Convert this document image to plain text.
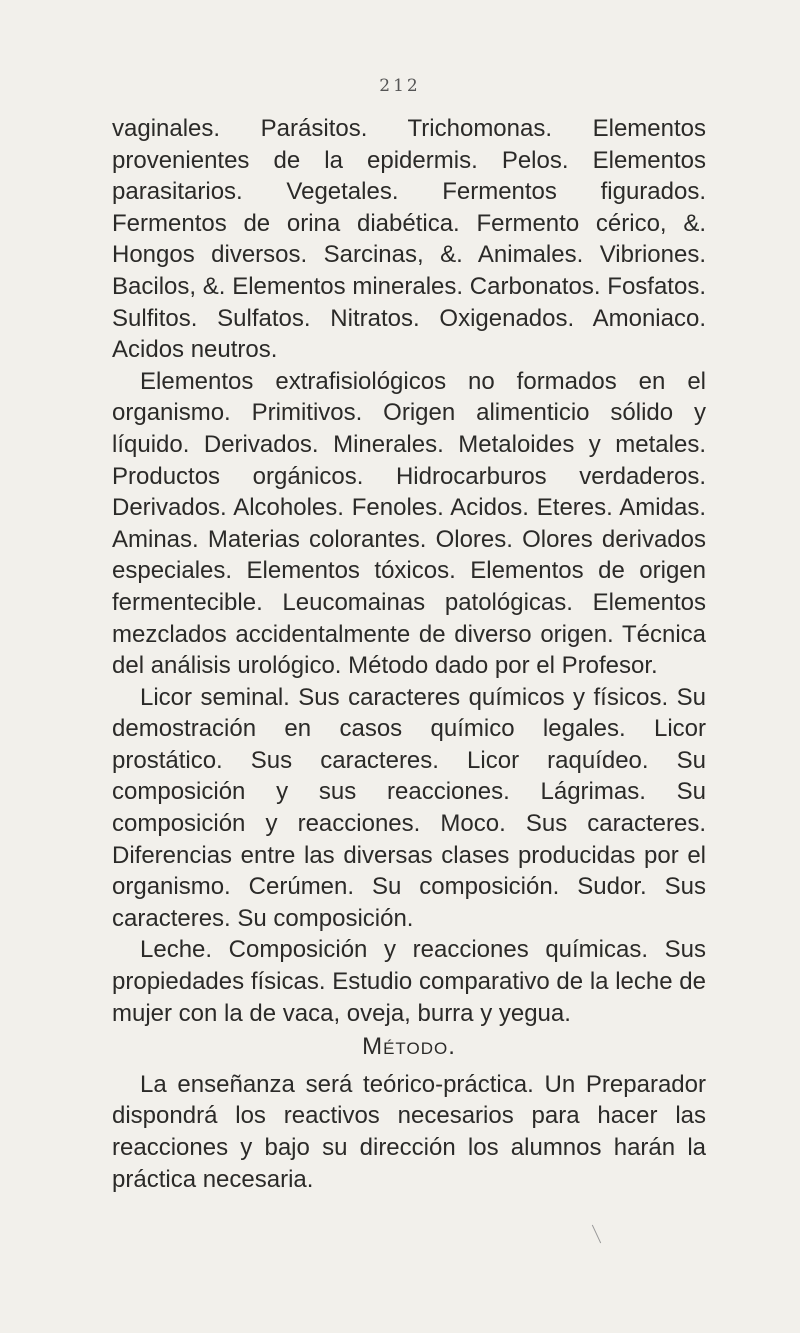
212

vaginales. Parásitos. Trichomonas. Elementos provenientes de la epidermis. Pelos. Elementos parasitarios. Vegetales. Fermentos figurados. Fermentos de orina diabética. Fermento cérico, &. Hongos diversos. Sarcinas, &. Animales. Vibriones. Bacilos, &. Elementos minerales. Carbonatos. Fosfatos. Sulfitos. Sulfatos. Nitratos. Oxigenados. Amoniaco. Acidos neutros.

Elementos extrafisiológicos no formados en el organismo. Primitivos. Origen alimenticio sólido y líquido. Derivados. Minerales. Metaloides y metales. Productos orgánicos. Hidrocarburos verdaderos. Derivados. Alcoholes. Fenoles. Acidos. Eteres. Amidas. Aminas. Materias colorantes. Olores. Olores derivados especiales. Elementos tóxicos. Elementos de origen fermentecible. Leucomainas patológicas. Elementos mezclados accidentalmente de diverso origen. Técnica del análisis urológico. Método dado por el Profesor.

Licor seminal. Sus caracteres químicos y físicos. Su demostración en casos químico legales. Licor prostático. Sus caracteres. Licor raquídeo. Su composición y sus reacciones. Lágrimas. Su composición y reacciones. Moco. Sus caracteres. Diferencias entre las diversas clases producidas por el organismo. Cerúmen. Su composición. Sudor. Sus caracteres. Su composición.

Leche. Composición y reacciones químicas. Sus propiedades físicas. Estudio comparativo de la leche de mujer con la de vaca, oveja, burra y yegua.

Método.

La enseñanza será teórico-práctica. Un Preparador dispondrá los reactivos necesarios para hacer las reacciones y bajo su dirección los alumnos harán la práctica necesaria.
